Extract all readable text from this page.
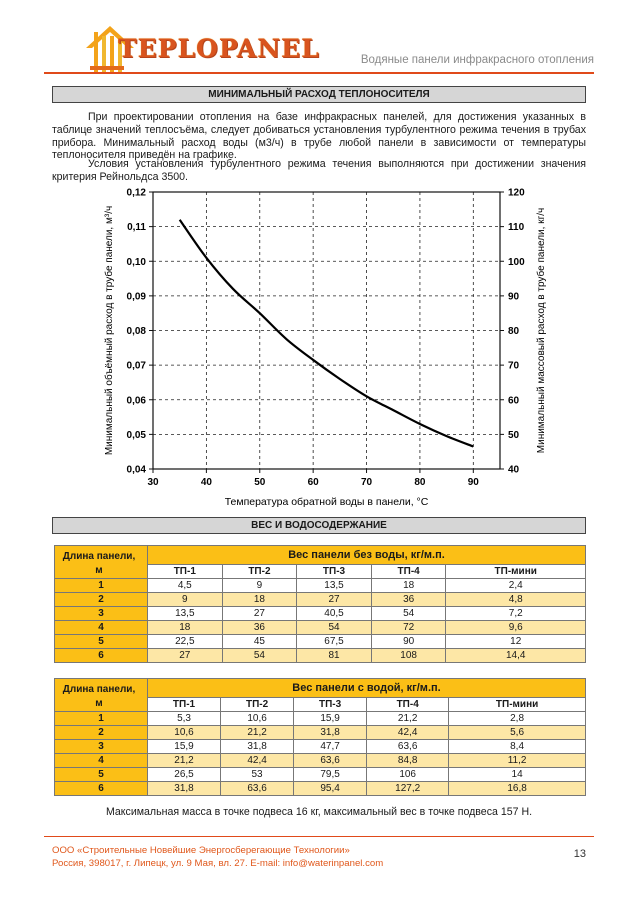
TEPLOPANEL	Водяные панели инфракрасного отопления
МИНИМАЛЬНЫЙ РАСХОД ТЕПЛОНОСИТЕЛЯ
При проектировании отопления на базе инфракрасных панелей, для достижения указанных в таблице значений теплосъёма, следует добиваться установления турбулентного режима течения в трубах прибора. Минимальный расход воды (м3/ч) в трубе любой панели в зависимости от температуры теплоносителя приведён на графике.
Условия установления турбулентного режима течения выполняются при достижении значения критерия Рейнольдса 3500.
30	40	50	60	70	80	90
0,04
0,05
0,06
0,07
0,08
0,09
0,10
0,11
0,12
40
50
60
70
80
90
100
110
120
Температура обратной воды в панели, °С
Минимальный объёмный расход в трубе панели, м³/ч	Минимальный массовый расход в трубе панели, кг/ч
ВЕС И ВОДОСОДЕРЖАНИЕ
Длина панели, м	Вес панели без воды, кг/м.п.				
	ТП-1	ТП-2	ТП-3	ТП-4	ТП-мини
1	4,5	9	13,5	18	2,4
2	9	18	27	36	4,8
3	13,5	27	40,5	54	7,2
4	18	36	54	72	9,6
5	22,5	45	67,5	90	12
6	27	54	81	108	14,4
Длина панели, м	Вес панели с водой, кг/м.п.				
	ТП-1	ТП-2	ТП-3	ТП-4	ТП-мини
1	5,3	10,6	15,9	21,2	2,8
2	10,6	21,2	31,8	42,4	5,6
3	15,9	31,8	47,7	63,6	8,4
4	21,2	42,4	63,6	84,8	11,2
5	26,5	53	79,5	106	14
6	31,8	63,6	95,4	127,2	16,8
Максимальная масса в точке подвеса 16 кг, максимальный вес в точке подвеса 157 Н.
ООО «Строительные Новейшие Энергосберегающие Технологии»
Россия, 398017, г. Липецк, ул. 9 Мая, вл. 27. E-mail: info@waterinpanel.com
13
